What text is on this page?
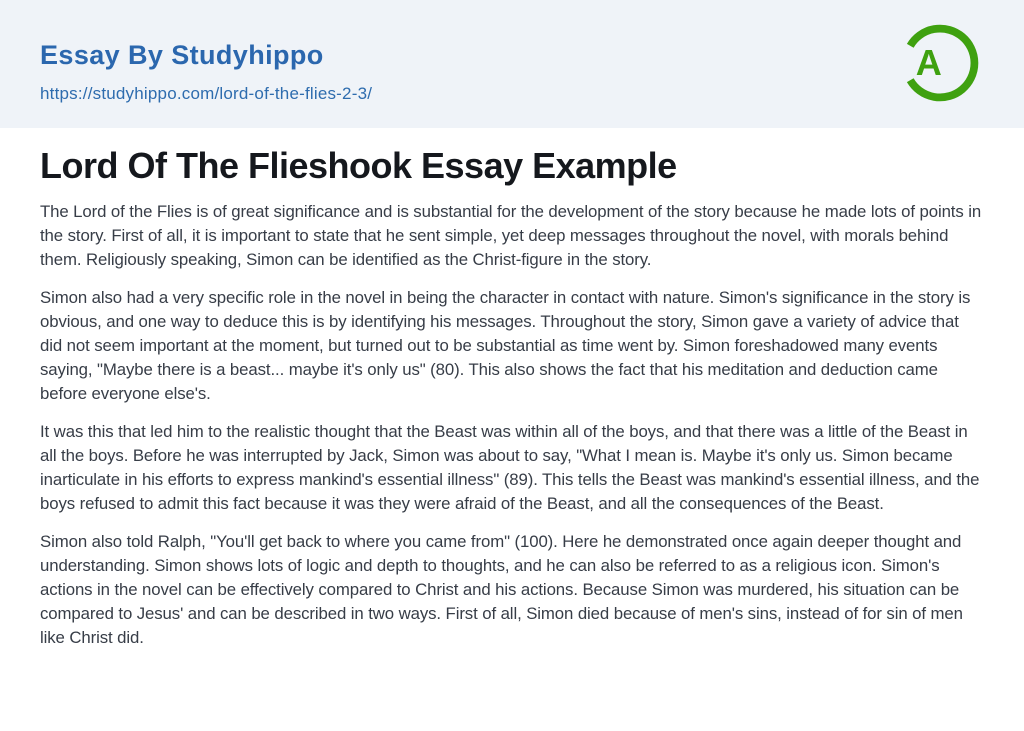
Essay By Studyhippo
https://studyhippo.com/lord-of-the-flies-2-3/
A
Lord Of The Flieshook Essay Example

The Lord of the Flies is of great significance and is substantial for the development of the story because he made lots of points in the story. First of all, it is important to state that he sent simple, yet deep messages throughout the novel, with morals behind them. Religiously speaking, Simon can be identified as the Christ-figure in the story.

Simon also had a very specific role in the novel in being the character in contact with nature. Simon's significance in the story is obvious, and one way to deduce this is by identifying his messages. Throughout the story, Simon gave a variety of advice that did not seem important at the moment, but turned out to be substantial as time went by. Simon foreshadowed many events saying, "Maybe there is a beast... maybe it's only us" (80). This also shows the fact that his meditation and deduction came before everyone else's.

It was this that led him to the realistic thought that the Beast was within all of the boys, and that there was a little of the Beast in all the boys. Before he was interrupted by Jack, Simon was about to say, "What I mean is. Maybe it's only us. Simon became inarticulate in his efforts to express mankind's essential illness" (89). This tells the Beast was mankind's essential illness, and the boys refused to admit this fact because it was they were afraid of the Beast, and all the consequences of the Beast.

Simon also told Ralph, "You'll get back to where you came from" (100). Here he demonstrated once again deeper thought and understanding. Simon shows lots of logic and depth to thoughts, and he can also be referred to as a religious icon. Simon's actions in the novel can be effectively compared to Christ and his actions. Because Simon was murdered, his situation can be compared to Jesus' and can be described in two ways. First of all, Simon died because of men's sins, instead of for sin of men like Christ did.
